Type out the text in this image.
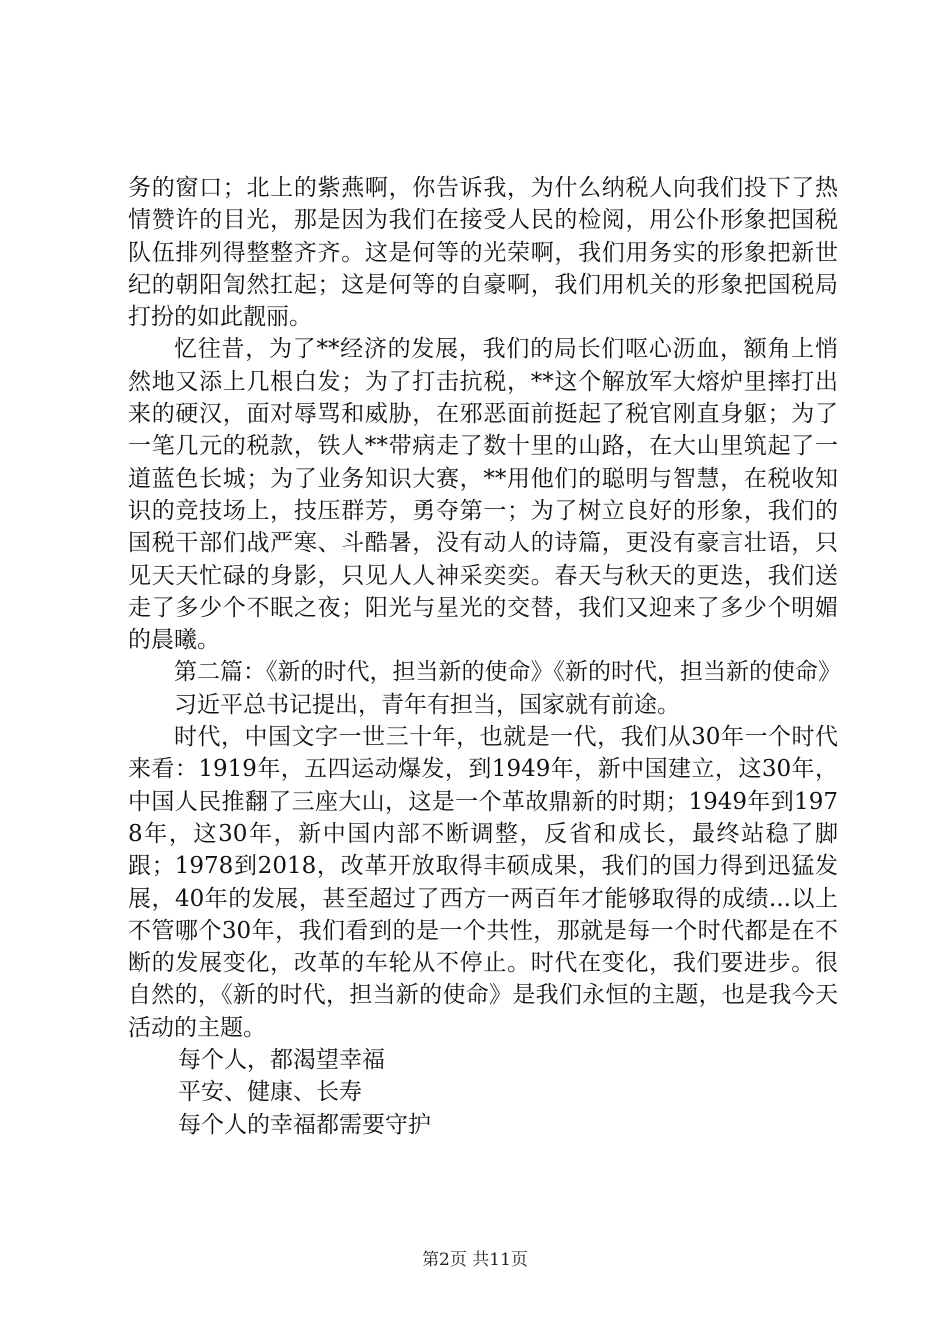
务的窗口；北上的紫燕啊，你告诉我，为什么纳税人向我们投下了热情赞许的目光，那是因为我们在接受人民的检阅，用公仆形象把国税队伍排列得整整齐齐。这是何等的光荣啊，我们用务实的形象把新世纪的朝阳訇然扛起；这是何等的自豪啊，我们用机关的形象把国税局打扮的如此靓丽。

忆往昔，为了**经济的发展，我们的局长们呕心沥血，额角上悄然地又添上几根白发；为了打击抗税，**这个解放军大熔炉里摔打出来的硬汉，面对辱骂和威胁，在邪恶面前挺起了税官刚直身躯；为了一笔几元的税款，铁人**带病走了数十里的山路，在大山里筑起了一道蓝色长城；为了业务知识大赛，**用他们的聪明与智慧，在税收知识的竞技场上，技压群芳，勇夺第一；为了树立良好的形象，我们的国税干部们战严寒、斗酷暑，没有动人的诗篇，更没有豪言壮语，只见天天忙碌的身影，只见人人神采奕奕。春天与秋天的更迭，我们送走了多少个不眠之夜；阳光与星光的交替，我们又迎来了多少个明媚的晨曦。

第二篇：《新的时代，担当新的使命》《新的时代，担当新的使命》

习近平总书记提出，青年有担当，国家就有前途。

时代，中国文字一世三十年，也就是一代，我们从30年一个时代来看：1919年，五四运动爆发，到1949年，新中国建立，这30年，中国人民推翻了三座大山，这是一个革故鼎新的时期；1949年到1978年，这30年，新中国内部不断调整，反省和成长，最终站稳了脚跟；1978到2018，改革开放取得丰硕成果，我们的国力得到迅猛发展，40年的发展，甚至超过了西方一两百年才能够取得的成绩...以上不管哪个30年，我们看到的是一个共性，那就是每一个时代都是在不断的发展变化，改革的车轮从不停止。时代在变化，我们要进步。很自然的，《新的时代，担当新的使命》是我们永恒的主题，也是我今天活动的主题。

每个人，都渴望幸福

平安、健康、长寿

每个人的幸福都需要守护

第2页 共11页
